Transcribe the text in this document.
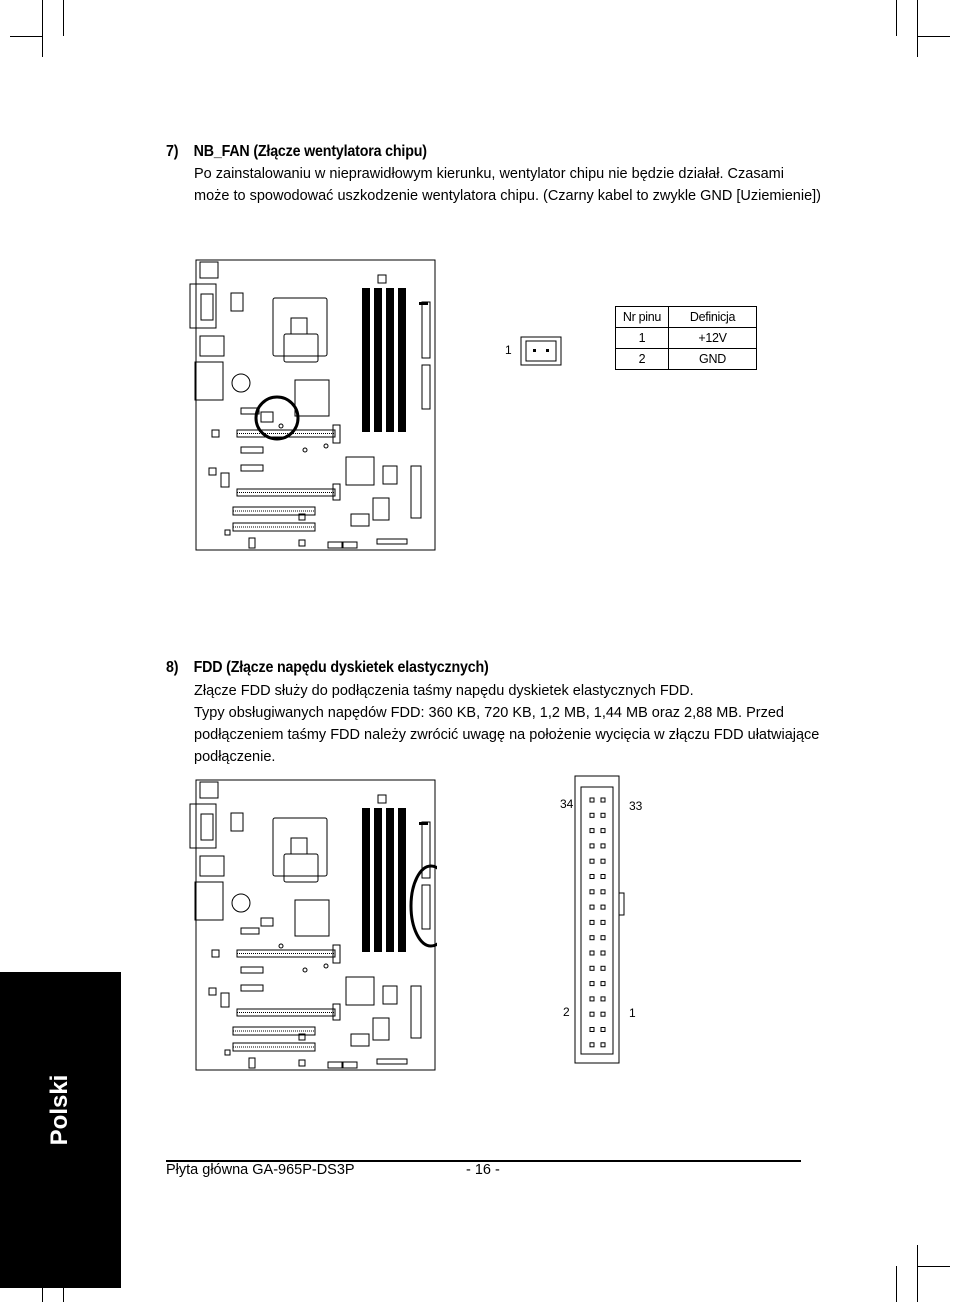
7) NB_FAN (Złącze wentylatora chipu)
Po zainstalowaniu w nieprawidłowym kierunku, wentylator chipu nie będzie działał. Czasami
może to spowodować uszkodzenie wentylatora chipu. (Czarny kabel to zwykle GND [Uziemienie])
1
Nr pinu	Definicja
1	+12V
2	GND
8) FDD (Złącze napędu dyskietek elastycznych)
Złącze FDD służy do podłączenia taśmy napędu dyskietek elastycznych FDD.
Typy obsługiwanych napędów FDD: 360 KB, 720 KB, 1,2 MB, 1,44 MB oraz 2,88 MB. Przed
podłączeniem taśmy FDD należy zwrócić uwagę na położenie wycięcia w złączu FDD ułatwiające
podłączenie.
34	33
2	1
Polski
Płyta główna GA-965P-DS3P	- 16 -
